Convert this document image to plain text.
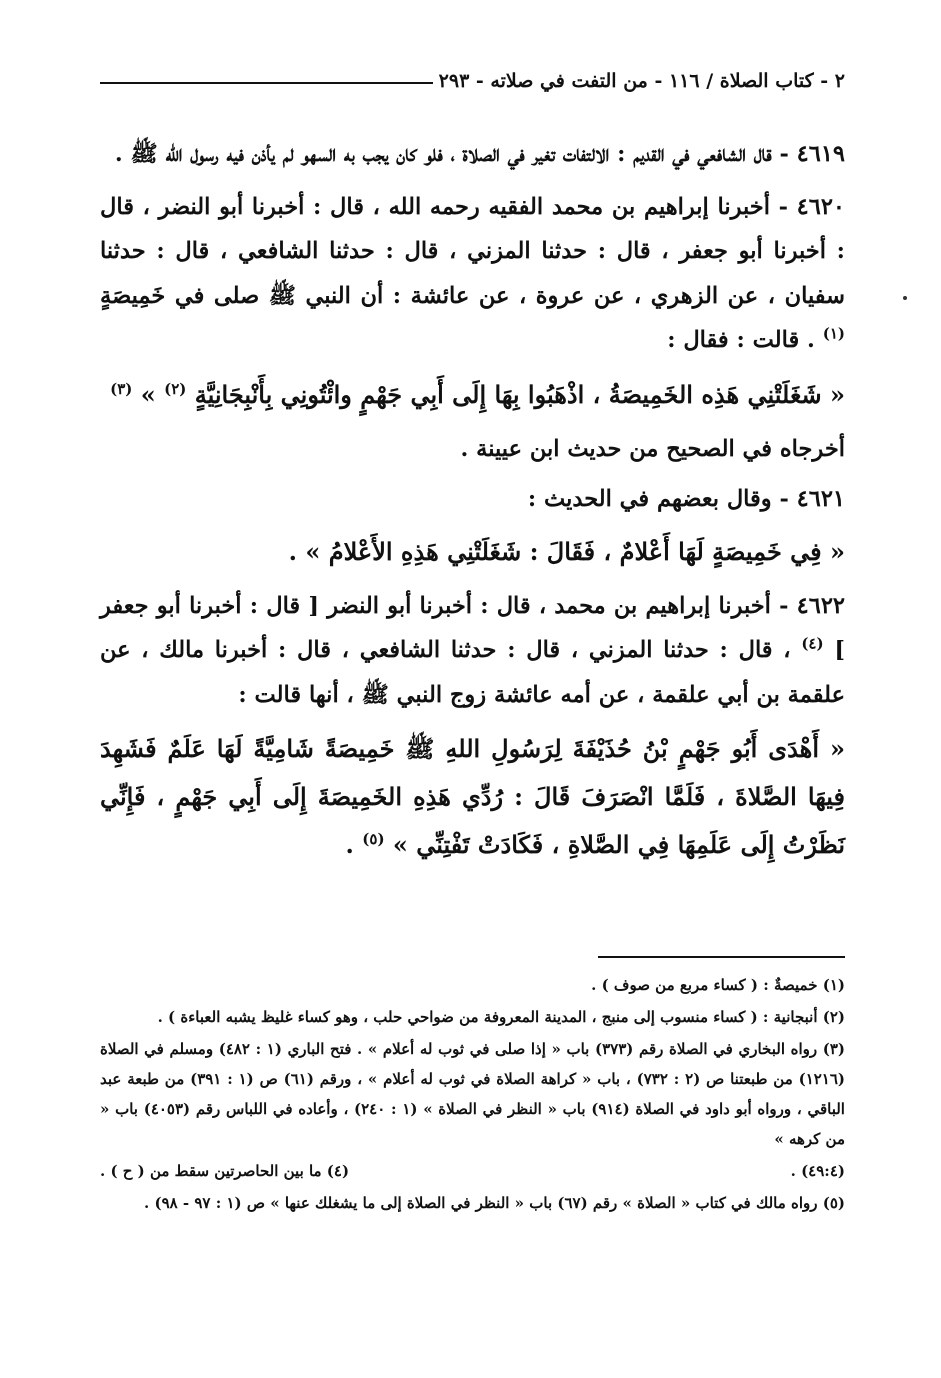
٢ - كتاب الصلاة / ١١٦ - من التفت في صلاته - ٢٩٣

٤٦١٩ - قال الشافعي في القديم : الالتفات تغير في الصلاة ، فلو كان يجب به السهو لم يأذن فيه رسول الله ﷺ .

٤٦٢٠ - أخبرنا إبراهيم بن محمد الفقيه رحمه الله ، قال : أخبرنا أبو النضر ، قال : أخبرنا أبو جعفر ، قال : حدثنا المزني ، قال : حدثنا الشافعي ، قال : حدثنا سفيان ، عن الزهري ، عن عروة ، عن عائشة : أن النبي ﷺ صلى في خَمِيصَةٍ $^{(١)}$ . قالت : فقال :

« شَغَلَتْنِي هَذِه الخَمِيصَةُ ، اذْهَبُوا بِهَا إِلَى أَبِي جَهْمٍ وائْتُونِي بِأَنْبِجَانِيَّةٍ $^{(٢)}$ » $^{(٣)}$

أخرجاه في الصحيح من حديث ابن عيينة .

٤٦٢١ - وقال بعضهم في الحديث :

« فِي خَمِيصَةٍ لَهَا أَعْلامٌ ، فَقَالَ : شَغَلَتْنِي هَذِهِ الأَعْلامُ » .

٤٦٢٢ - أخبرنا إبراهيم بن محمد ، قال : أخبرنا أبو النضر [ قال : أخبرنا أبو جعفر ] $^{(٤)}$ ، قال : حدثنا المزني ، قال : حدثنا الشافعي ، قال : أخبرنا مالك ، عن علقمة بن أبي علقمة ، عن أمه عائشة زوج النبي ﷺ ، أنها قالت :

« أَهْدَى أَبُو جَهْمٍ بْنُ حُذَيْفَةَ لِرَسُولِ اللهِ ﷺ خَمِيصَةً شَامِيَّةً لَهَا عَلَمٌ فَشَهِدَ فِيهَا الصَّلاةَ ، فَلَمَّا انْصَرَفَ قَالَ : رُدِّي هَذِهِ الخَمِيصَةَ إِلَى أَبِي جَهْمٍ ، فَإِنِّي نَظَرْتُ إِلَى عَلَمِهَا فِي الصَّلاةِ ، فَكَادَتْ تَفْتِنِّي » $^{(٥)}$ .

(١) خميصةٌ : ( كساء مربع من صوف ) .

(٢) أنبجانية : ( كساء منسوب إلى منبج ، المدينة المعروفة من ضواحي حلب ، وهو كساء غليظ يشبه العباءة ) .

(٣) رواه البخاري في الصلاة رقم (٣٧٣) باب « إذا صلى في ثوب له أعلام » . فتح الباري (١ : ٤٨٢) ومسلم في الصلاة (١٢١٦) من طبعتنا ص (٢ : ٧٣٢) ، باب « كراهة الصلاة في ثوب له أعلام » ، ورقم (٦١) ص (١ : ٣٩١) من طبعة عبد الباقي ، ورواه أبو داود في الصلاة (٩١٤) باب « النظر في الصلاة » (١ : ٢٤٠) ، وأعاده في اللباس رقم (٤٠٥٣) باب « من كرهه »

(٤٩:٤) .
(٤) ما بين الحاصرتين سقط من ( ح ) .

(٥) رواه مالك في كتاب « الصلاة » رقم (٦٧) باب « النظر في الصلاة إلى ما يشغلك عنها » ص (١ : ٩٧ - ٩٨) .
